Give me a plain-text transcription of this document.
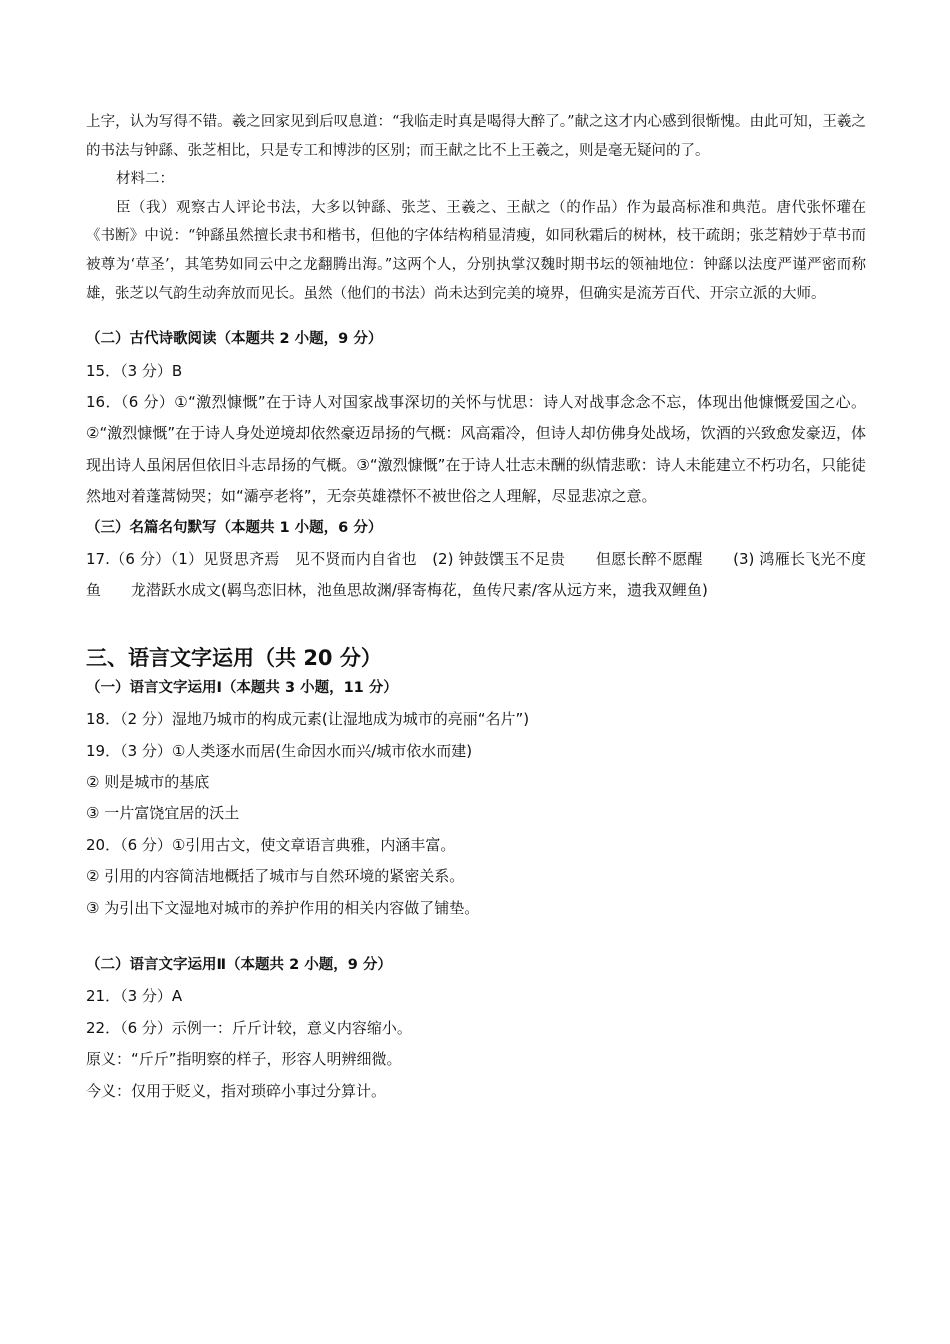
上字，认为写得不错。羲之回家见到后叹息道：“我临走时真是喝得大醉了。”献之这才内心感到很惭愧。由此可知，王羲之的书法与钟繇、张芝相比，只是专工和博涉的区别；而王献之比不上王羲之，则是毫无疑问的了。

材料二：

臣（我）观察古人评论书法，大多以钟繇、张芝、王羲之、王献之（的作品）作为最高标准和典范。唐代张怀瓘在《书断》中说：“钟繇虽然擅长隶书和楷书，但他的字体结构稍显清瘦，如同秋霜后的树林，枝干疏朗；张芝精妙于草书而被尊为‘草圣’，其笔势如同云中之龙翻腾出海。”这两个人，分别执掌汉魏时期书坛的领袖地位：钟繇以法度严谨严密而称雄，张芝以气韵生动奔放而见长。虽然（他们的书法）尚未达到完美的境界，但确实是流芳百代、开宗立派的大师。

（二）古代诗歌阅读（本题共 2 小题，9 分）

15．（3 分）B

16．（6 分）①“激烈慷慨”在于诗人对国家战事深切的关怀与忧思：诗人对战事念念不忘，体现出他慷慨爱国之心。②“激烈慷慨”在于诗人身处逆境却依然豪迈昂扬的气概：风高霜冷，但诗人却仿佛身处战场，饮酒的兴致愈发豪迈，体现出诗人虽闲居但依旧斗志昂扬的气概。③“激烈慷慨”在于诗人壮志未酬的纵情悲歌：诗人未能建立不朽功名，只能徒然地对着蓬蒿恸哭；如“灞亭老将”，无奈英雄襟怀不被世俗之人理解，尽显悲凉之意。

（三）名篇名句默写（本题共 1 小题，6 分）

17.（6 分）（1）见贤思齐焉　见不贤而内自省也　(2) 钟鼓馔玉不足贵　　但愿长醉不愿醒　　(3) 鸿雁长飞光不度鱼　　龙潜跃水成文(羁鸟恋旧林，池鱼思故渊/驿寄梅花，鱼传尺素/客从远方来，遗我双鲤鱼)

三、语言文字运用（共 20 分）

（一）语言文字运用Ⅰ（本题共 3 小题，11 分）

18．（2 分）湿地乃城市的构成元素(让湿地成为城市的亮丽“名片”)

19．（3 分）①人类逐水而居(生命因水而兴/城市依水而建)

② 则是城市的基底

③ 一片富饶宜居的沃土

20．（6 分）①引用古文，使文章语言典雅，内涵丰富。

② 引用的内容简洁地概括了城市与自然环境的紧密关系。

③ 为引出下文湿地对城市的养护作用的相关内容做了铺垫。

（二）语言文字运用Ⅱ（本题共 2 小题，9 分）

21．（3 分）A

22．（6 分）示例一：斤斤计较，意义内容缩小。

原义：“斤斤”指明察的样子，形容人明辨细微。

今义：仅用于贬义，指对琐碎小事过分算计。
